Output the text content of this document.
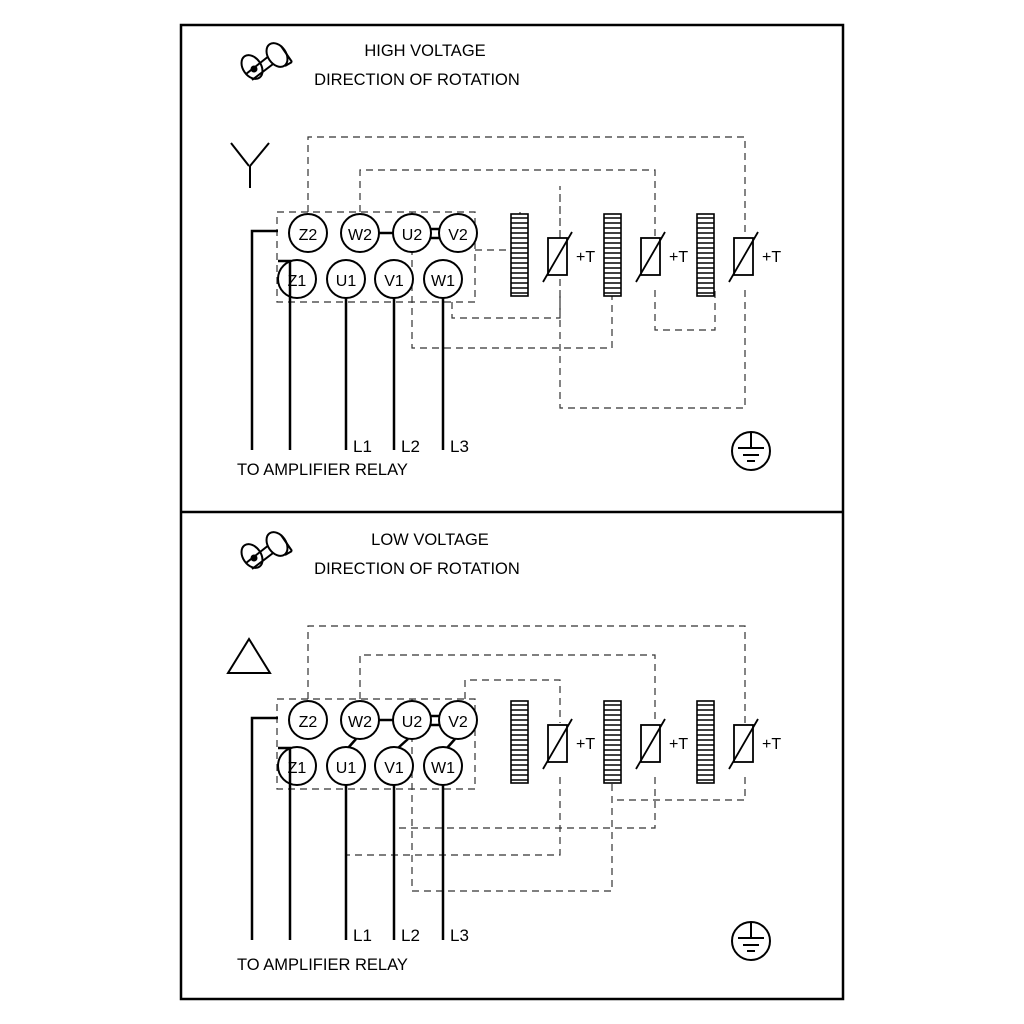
HIGH VOLTAGE
DIRECTION OF ROTATION
Z2 W2 U2 V2
Z1 U1 V1 W1
+T	+T	+T
L1 L2 L3
TO AMPLIFIER RELAY
LOW VOLTAGE
DIRECTION OF ROTATION
Z2 W2 U2 V2
Z1 U1 V1 W1
+T	+T	+T
L1 L2 L3
TO AMPLIFIER RELAY
